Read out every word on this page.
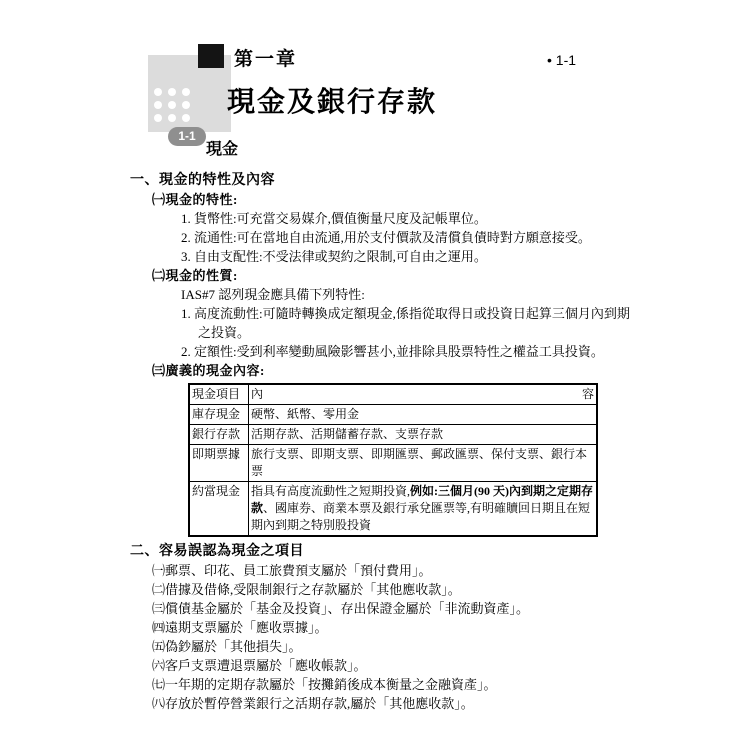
第一章	• 1-1
現金及銀行存款
1-1
現金
一、現金的特性及內容
㈠現金的特性:
1. 貨幣性:可充當交易媒介,價值衡量尺度及記帳單位。
2. 流通性:可在當地自由流通,用於支付價款及清償負債時對方願意接受。
3. 自由支配性:不受法律或契約之限制,可自由之運用。
㈡現金的性質:
IAS#7 認列現金應具備下列特性:
1. 高度流動性:可隨時轉換成定額現金,係指從取得日或投資日起算三個月內到期之投資。
2. 定額性:受到利率變動風險影響甚小,並排除具股票特性之權益工具投資。
㈢廣義的現金內容:
現金項目	內 容

庫存現金	硬幣、紙幣、零用金
銀行存款	活期存款、活期儲蓄存款、支票存款
即期票據	旅行支票、即期支票、即期匯票、郵政匯票、保付支票、銀行本票
約當現金	指具有高度流動性之短期投資,例如:三個月(90 天)內到期之定期存款、國庫券、商業本票及銀行承兌匯票等,有明確贖回日期且在短期內到期之特別股投資
二、容易誤認為現金之項目
㈠郵票、印花、員工旅費預支屬於「預付費用」。
㈡借據及借條,受限制銀行之存款屬於「其他應收款」。
㈢償債基金屬於「基金及投資」、存出保證金屬於「非流動資產」。
㈣遠期支票屬於「應收票據」。
㈤偽鈔屬於「其他損失」。
㈥客戶支票遭退票屬於「應收帳款」。
㈦一年期的定期存款屬於「按攤銷後成本衡量之金融資產」。
㈧存放於暫停營業銀行之活期存款,屬於「其他應收款」。
